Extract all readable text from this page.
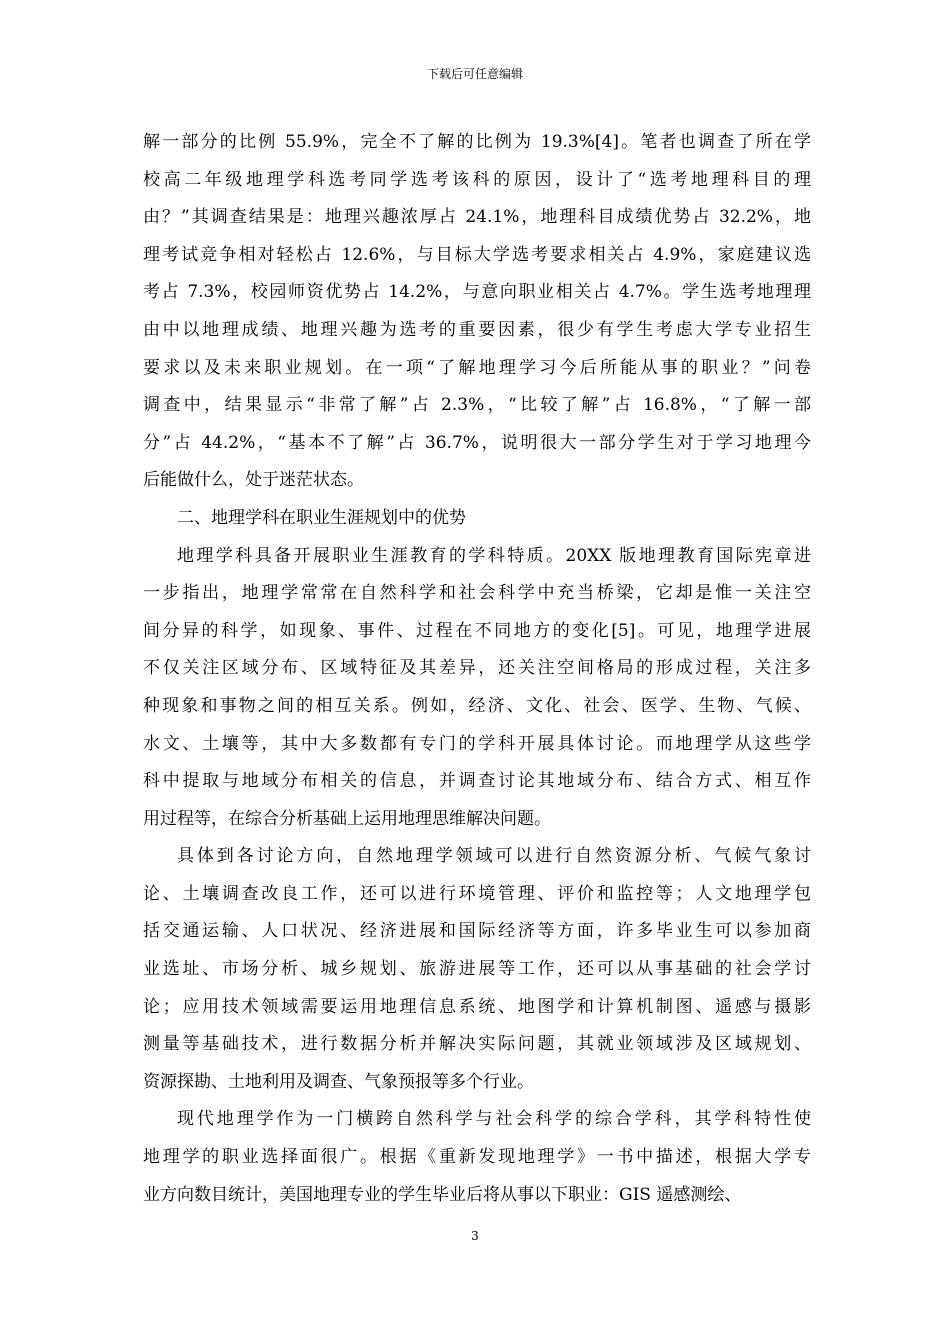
下载后可任意编辑
解一部分的比例 55.9%，完全不了解的比例为 19.3%[4]。笔者也调查了所在学
校高二年级地理学科选考同学选考该科的原因，设计了“选考地理科目的理
由？”其调查结果是：地理兴趣浓厚占 24.1%，地理科目成绩优势占 32.2%，地
理考试竞争相对轻松占 12.6%，与目标大学选考要求相关占 4.9%，家庭建议选
考占 7.3%，校园师资优势占 14.2%，与意向职业相关占 4.7%。学生选考地理理
由中以地理成绩、地理兴趣为选考的重要因素，很少有学生考虑大学专业招生
要求以及未来职业规划。在一项“了解地理学习今后所能从事的职业？”问卷
调查中，结果显示“非常了解”占 2.3%，“比较了解”占 16.8%，“了解一部
分”占 44.2%，“基本不了解”占 36.7%，说明很大一部分学生对于学习地理今
后能做什么，处于迷茫状态。
二、地理学科在职业生涯规划中的优势
地理学科具备开展职业生涯教育的学科特质。20XX 版地理教育国际宪章进
一步指出，地理学常常在自然科学和社会科学中充当桥梁，它却是惟一关注空
间分异的科学，如现象、事件、过程在不同地方的变化[5]。可见，地理学进展
不仅关注区域分布、区域特征及其差异，还关注空间格局的形成过程，关注多
种现象和事物之间的相互关系。例如，经济、文化、社会、医学、生物、气候、
水文、土壤等，其中大多数都有专门的学科开展具体讨论。而地理学从这些学
科中提取与地域分布相关的信息，并调查讨论其地域分布、结合方式、相互作
用过程等，在综合分析基础上运用地理思维解决问题。
具体到各讨论方向，自然地理学领域可以进行自然资源分析、气候气象讨
论、土壤调查改良工作，还可以进行环境管理、评价和监控等；人文地理学包
括交通运输、人口状况、经济进展和国际经济等方面，许多毕业生可以参加商
业选址、市场分析、城乡规划、旅游进展等工作，还可以从事基础的社会学讨
论；应用技术领域需要运用地理信息系统、地图学和计算机制图、遥感与摄影
测量等基础技术，进行数据分析并解决实际问题，其就业领域涉及区域规划、
资源探勘、土地利用及调查、气象预报等多个行业。
现代地理学作为一门横跨自然科学与社会科学的综合学科，其学科特性使
地理学的职业选择面很广。根据《重新发现地理学》一书中描述，根据大学专
业方向数目统计，美国地理专业的学生毕业后将从事以下职业：GIS 遥感测绘、
3
